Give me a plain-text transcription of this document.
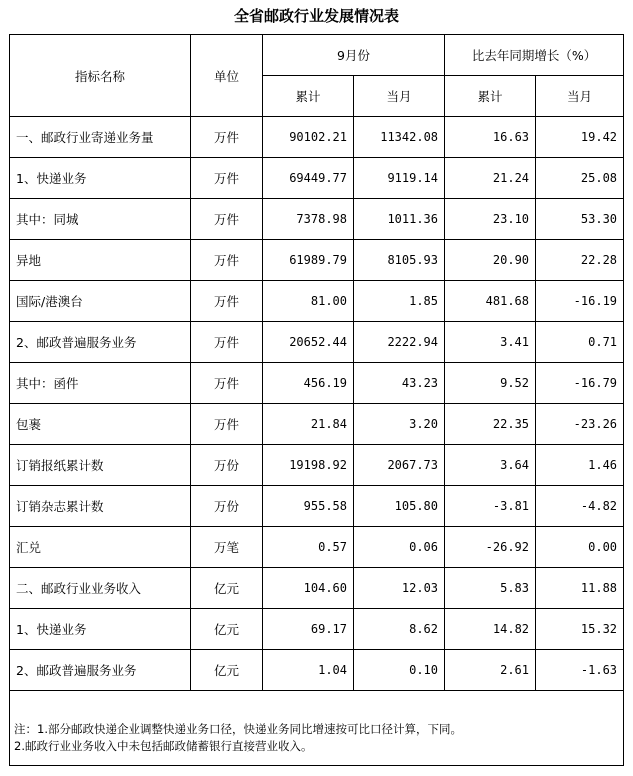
全省邮政行业发展情况表
指标名称	单位	9月份		比去年同期增长（%）	
		累计	当月	累计	当月
一、邮政行业寄递业务量	万件	90102.21	11342.08	16.63	19.42
1、快递业务	万件	69449.77	9119.14	21.24	25.08
其中：同城	万件	7378.98	1011.36	23.10	53.30
异地	万件	61989.79	8105.93	20.90	22.28
国际/港澳台	万件	81.00	1.85	481.68	-16.19
2、邮政普遍服务业务	万件	20652.44	2222.94	3.41	0.71
其中：函件	万件	456.19	43.23	9.52	-16.79
包裹	万件	21.84	3.20	22.35	-23.26
订销报纸累计数	万份	19198.92	2067.73	3.64	1.46
订销杂志累计数	万份	955.58	105.80	-3.81	-4.82
汇兑	万笔	0.57	0.06	-26.92	0.00
二、邮政行业业务收入	亿元	104.60	12.03	5.83	11.88
1、快递业务	亿元	69.17	8.62	14.82	15.32
2、邮政普遍服务业务	亿元	1.04	0.10	2.61	-1.63

注：1.部分邮政快递企业调整快递业务口径，快递业务同比增速按可比口径计算，下同。
2.邮政行业业务收入中未包括邮政储蓄银行直接营业收入。					
